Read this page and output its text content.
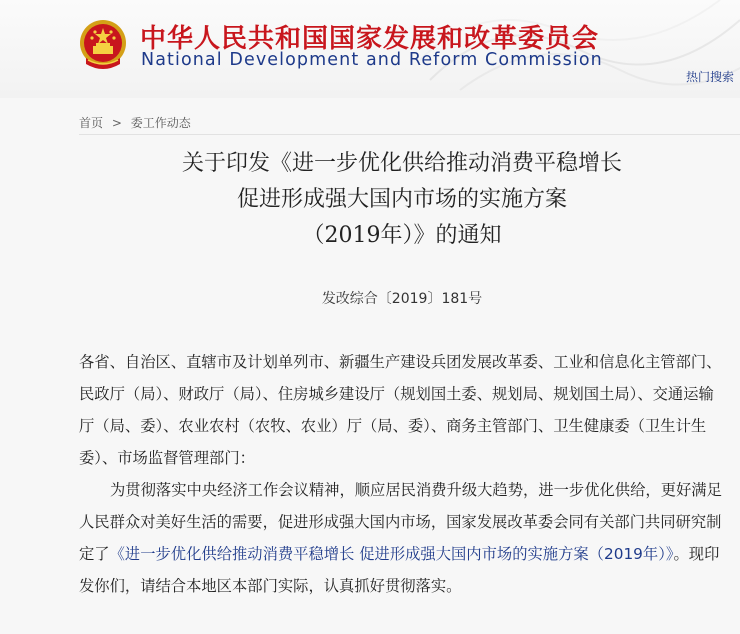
中华人民共和国国家发展和改革委员会
National Development and Reform Commission
热门搜索
首页 > 委工作动态
关于印发《进一步优化供给推动消费平稳增长
促进形成强大国内市场的实施方案
（2019年）》的通知
发改综合〔2019〕181号

各省、自治区、直辖市及计划单列市、新疆生产建设兵团发展改革委、工业和信息化主管部门、民政厅（局）、财政厅（局）、住房城乡建设厅（规划国土委、规划局、规划国土局）、交通运输厅（局、委）、农业农村（农牧、农业）厅（局、委）、商务主管部门、卫生健康委（卫生计生委）、市场监督管理部门：

为贯彻落实中央经济工作会议精神，顺应居民消费升级大趋势，进一步优化供给，更好满足人民群众对美好生活的需要，促进形成强大国内市场，国家发展改革委会同有关部门共同研究制定了《进一步优化供给推动消费平稳增长 促进形成强大国内市场的实施方案（2019年）》。现印发你们，请结合本地区本部门实际，认真抓好贯彻落实。
